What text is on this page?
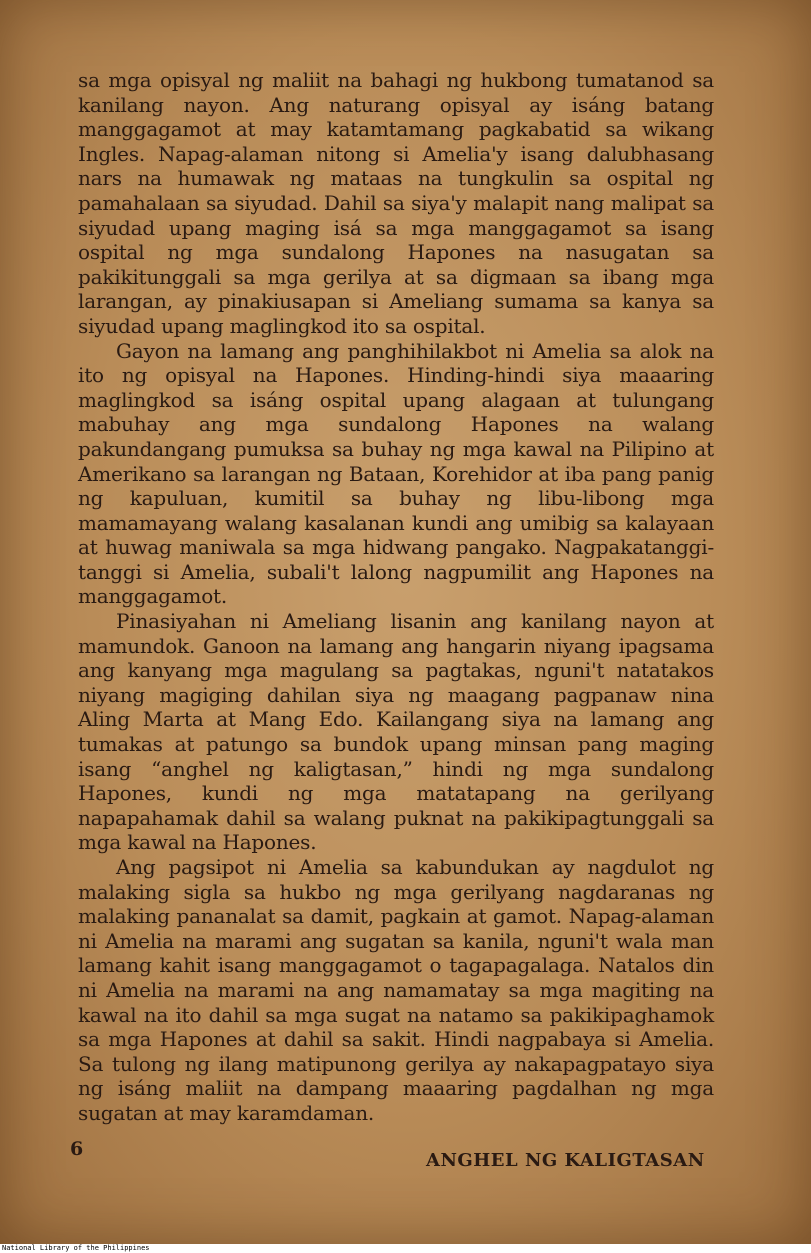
sa mga opisyal ng maliit na bahagi ng hukbong tumatanod sa kanilang nayon. Ang naturang opisyal ay isáng batang manggagamot at may katamtamang pagkabatid sa wikang Ingles. Napag-alaman nitong si Amelia'y isang dalubhasang nars na humawak ng mataas na tungkulin sa ospital ng pamahalaan sa siyudad. Dahil sa siya'y malapit nang malipat sa siyudad upang maging isá sa mga manggagamot sa isang ospital ng mga sundalong Hapones na nasugatan sa pakikitunggali sa mga gerilya at sa digmaan sa ibang mga larangan, ay pinakiusapan si Ameliang sumama sa kanya sa siyudad upang maglingkod ito sa ospital.

Gayon na lamang ang panghihilakbot ni Amelia sa alok na ito ng opisyal na Hapones. Hinding-hindi siya maaaring maglingkod sa isáng ospital upang alagaan at tulungang mabuhay ang mga sundalong Hapones na walang pakundangang pumuksa sa buhay ng mga kawal na Pilipino at Amerikano sa larangan ng Bataan, Korehidor at iba pang panig ng kapuluan, kumitil sa buhay ng libu-libong mga mamamayang walang kasalanan kundi ang umibig sa kalayaan at huwag maniwala sa mga hidwang pangako. Nagpakatanggi-tanggi si Amelia, subali't lalong nagpumilit ang Hapones na manggagamot.

Pinasiyahan ni Ameliang lisanin ang kanilang nayon at mamundok. Ganoon na lamang ang hangarin niyang ipagsama ang kanyang mga magulang sa pagtakas, nguni't natatakos niyang magiging dahilan siya ng maagang pagpanaw nina Aling Marta at Mang Edo. Kailangang siya na lamang ang tumakas at patungo sa bundok upang minsan pang maging isang “anghel ng kaligtasan,” hindi ng mga sundalong Hapones, kundi ng mga matatapang na gerilyang napapahamak dahil sa walang puknat na pakikipagtunggali sa mga kawal na Hapones.

Ang pagsipot ni Amelia sa kabundukan ay nagdulot ng malaking sigla sa hukbo ng mga gerilyang nagdaranas ng malaking pananalat sa damit, pagkain at gamot. Napag-alaman ni Amelia na marami ang sugatan sa kanila, nguni't wala man lamang kahit isang manggagamot o tagapagalaga. Natalos din ni Amelia na marami na ang namamatay sa mga magiting na kawal na ito dahil sa mga sugat na natamo sa pakikipaghamok sa mga Hapones at dahil sa sakit. Hindi nagpabaya si Amelia. Sa tulong ng ilang matipunong gerilya ay nakapagpatayo siya ng isáng maliit na dampang maaaring pagdalhan ng mga sugatan at may karamdaman.

6
ANGHEL NG KALIGTASAN
National Library of the Philippines
